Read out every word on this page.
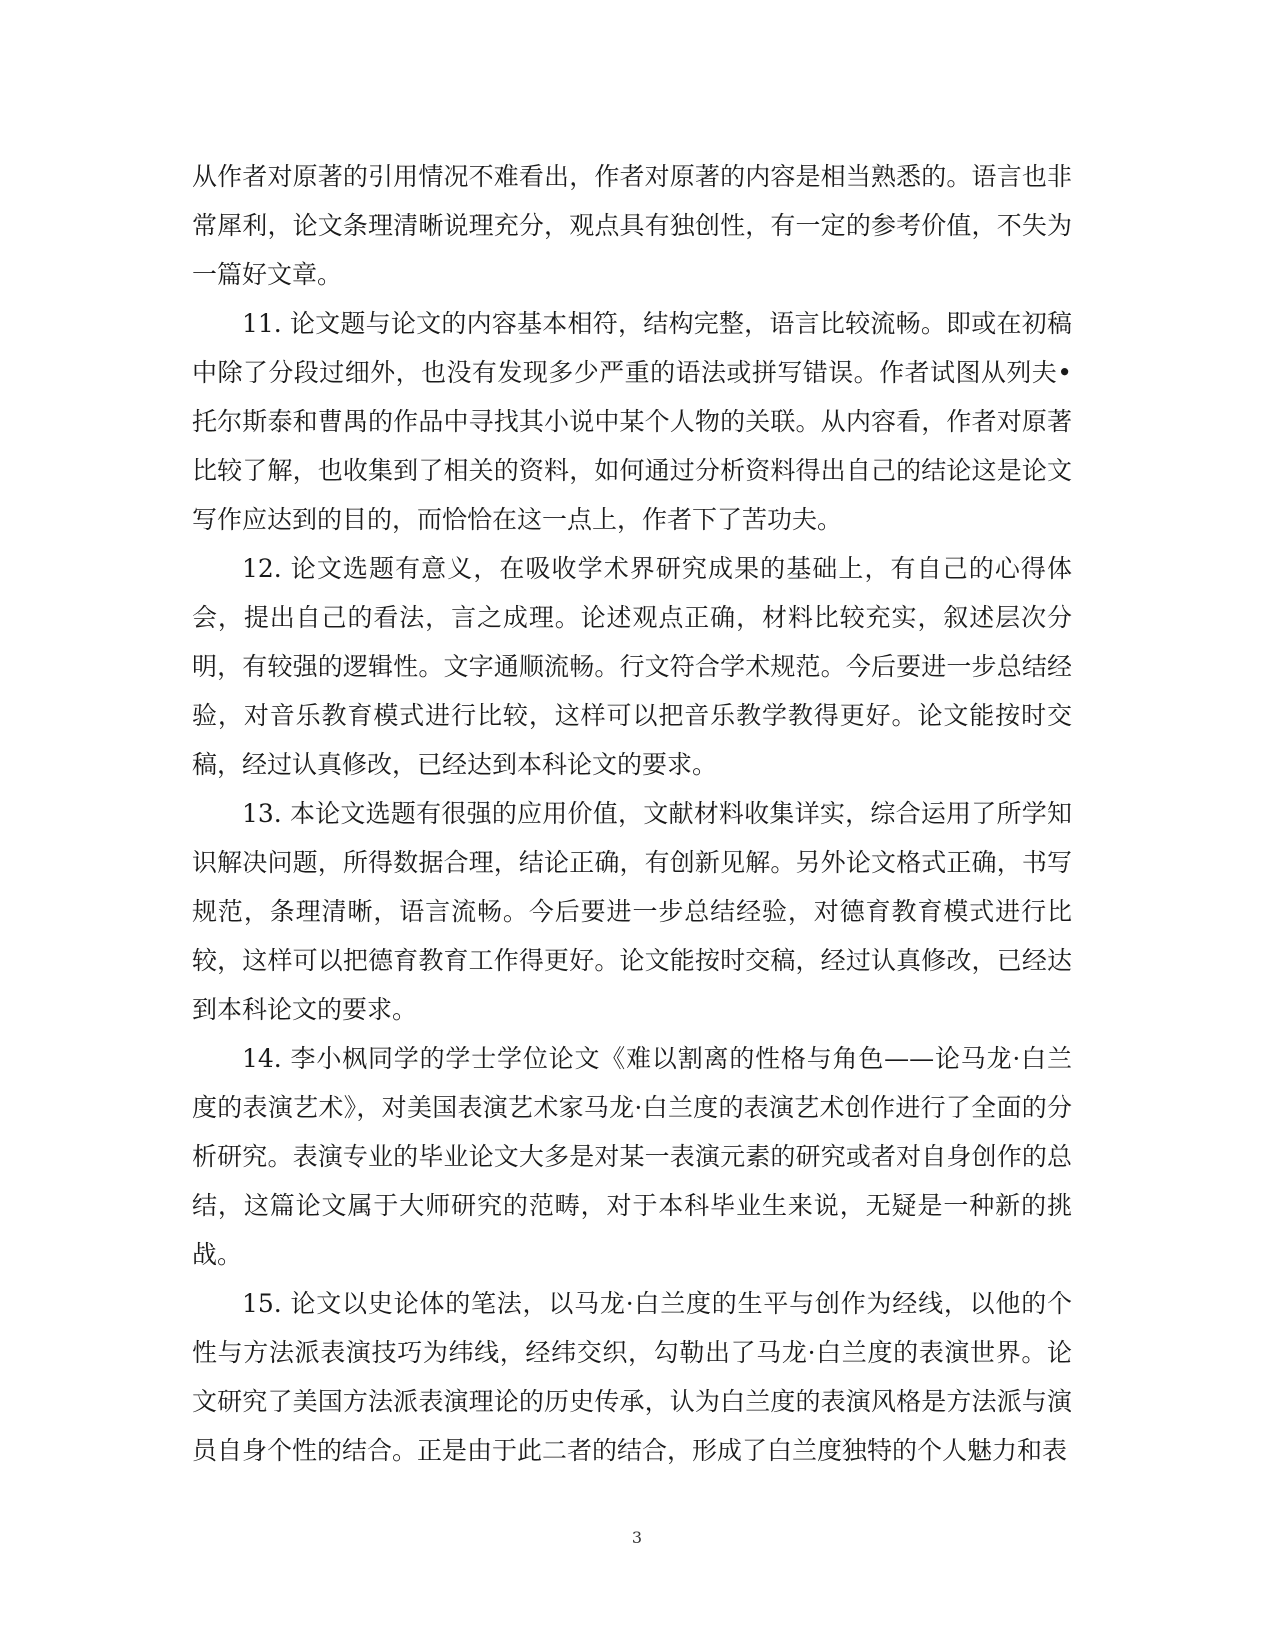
从作者对原著的引用情况不难看出，作者对原著的内容是相当熟悉的。语言也非常犀利，论文条理清晰说理充分，观点具有独创性，有一定的参考价值，不失为一篇好文章。

11. 论文题与论文的内容基本相符，结构完整，语言比较流畅。即或在初稿中除了分段过细外，也没有发现多少严重的语法或拼写错误。作者试图从列夫•托尔斯泰和曹禺的作品中寻找其小说中某个人物的关联。从内容看，作者对原著比较了解，也收集到了相关的资料，如何通过分析资料得出自己的结论这是论文写作应达到的目的，而恰恰在这一点上，作者下了苦功夫。

12. 论文选题有意义，在吸收学术界研究成果的基础上，有自己的心得体会，提出自己的看法，言之成理。论述观点正确，材料比较充实，叙述层次分明，有较强的逻辑性。文字通顺流畅。行文符合学术规范。今后要进一步总结经验，对音乐教育模式进行比较，这样可以把音乐教学教得更好。论文能按时交稿，经过认真修改，已经达到本科论文的要求。

13. 本论文选题有很强的应用价值，文献材料收集详实，综合运用了所学知识解决问题，所得数据合理，结论正确，有创新见解。另外论文格式正确，书写规范，条理清晰，语言流畅。今后要进一步总结经验，对德育教育模式进行比较，这样可以把德育教育工作得更好。论文能按时交稿，经过认真修改，已经达到本科论文的要求。

14. 李小枫同学的学士学位论文《难以割离的性格与角色——论马龙·白兰度的表演艺术》，对美国表演艺术家马龙·白兰度的表演艺术创作进行了全面的分析研究。表演专业的毕业论文大多是对某一表演元素的研究或者对自身创作的总结，这篇论文属于大师研究的范畴，对于本科毕业生来说，无疑是一种新的挑战。

15. 论文以史论体的笔法，以马龙·白兰度的生平与创作为经线，以他的个性与方法派表演技巧为纬线，经纬交织，勾勒出了马龙·白兰度的表演世界。论文研究了美国方法派表演理论的历史传承，认为白兰度的表演风格是方法派与演员自身个性的结合。正是由于此二者的结合，形成了白兰度独特的个人魅力和表

3
